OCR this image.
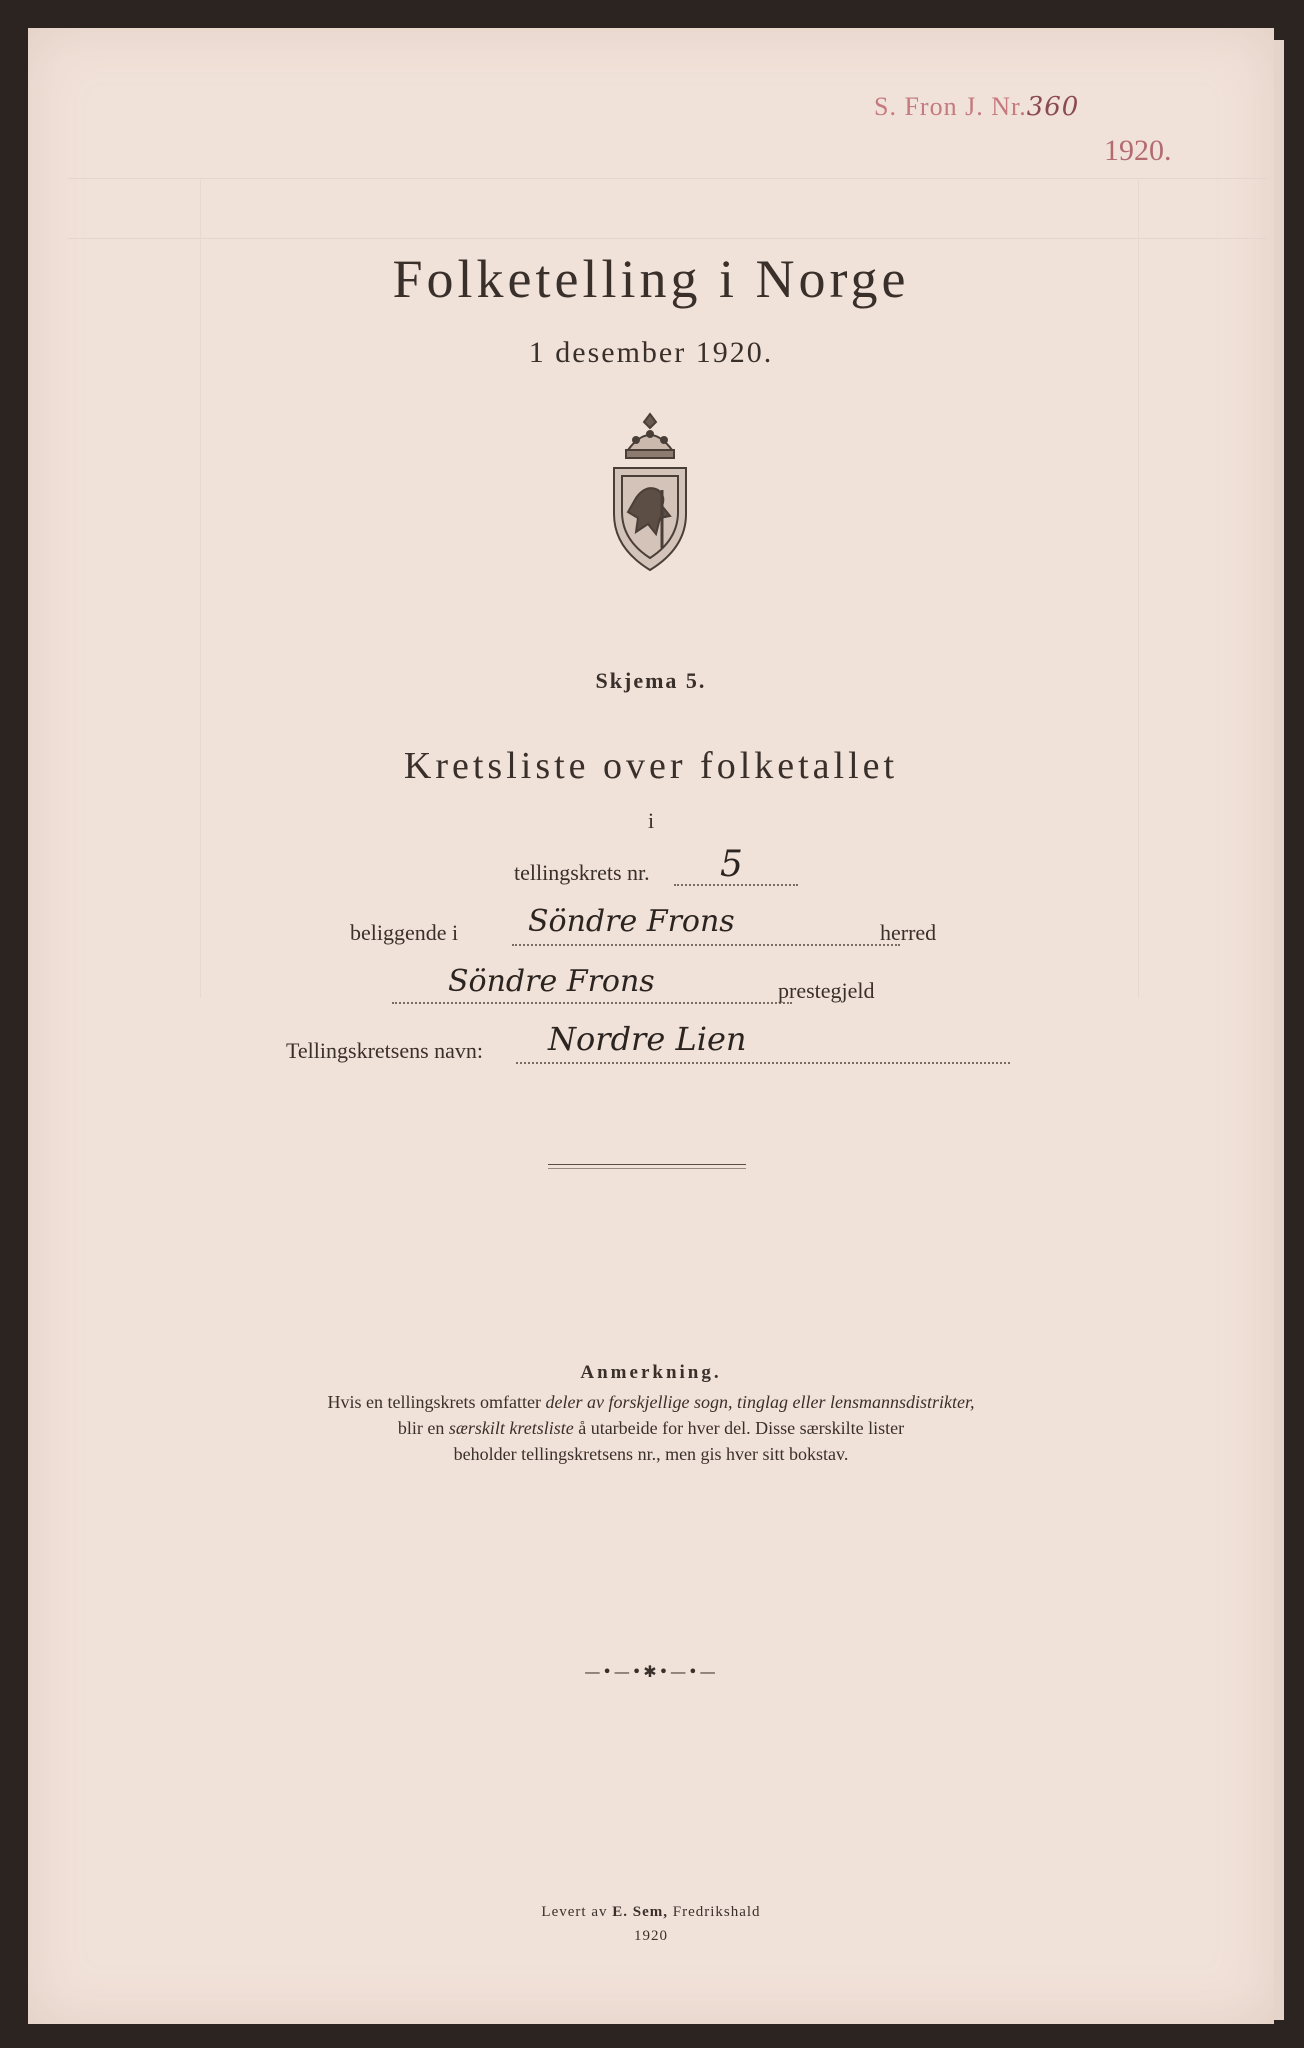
S. Fron J. Nr.360
1920.
Folketelling i Norge
1 desember 1920.
Skjema 5.
Kretsliste over folketallet
i
tellingskrets nr. 5
beliggende i Söndre Frons	herred
Söndre Frons	prestegjeld
Tellingskretsens navn: Nordre Lien
Anmerkning.
Hvis en tellingskrets omfatter deler av forskjellige sogn, tinglag eller lensmannsdistrikter,
blir en særskilt kretsliste å utarbeide for hver del. Disse særskilte lister
beholder tellingskretsens nr., men gis hver sitt bokstav.
—•—•✱•—•—
Levert av E. Sem, Fredrikshald
1920
